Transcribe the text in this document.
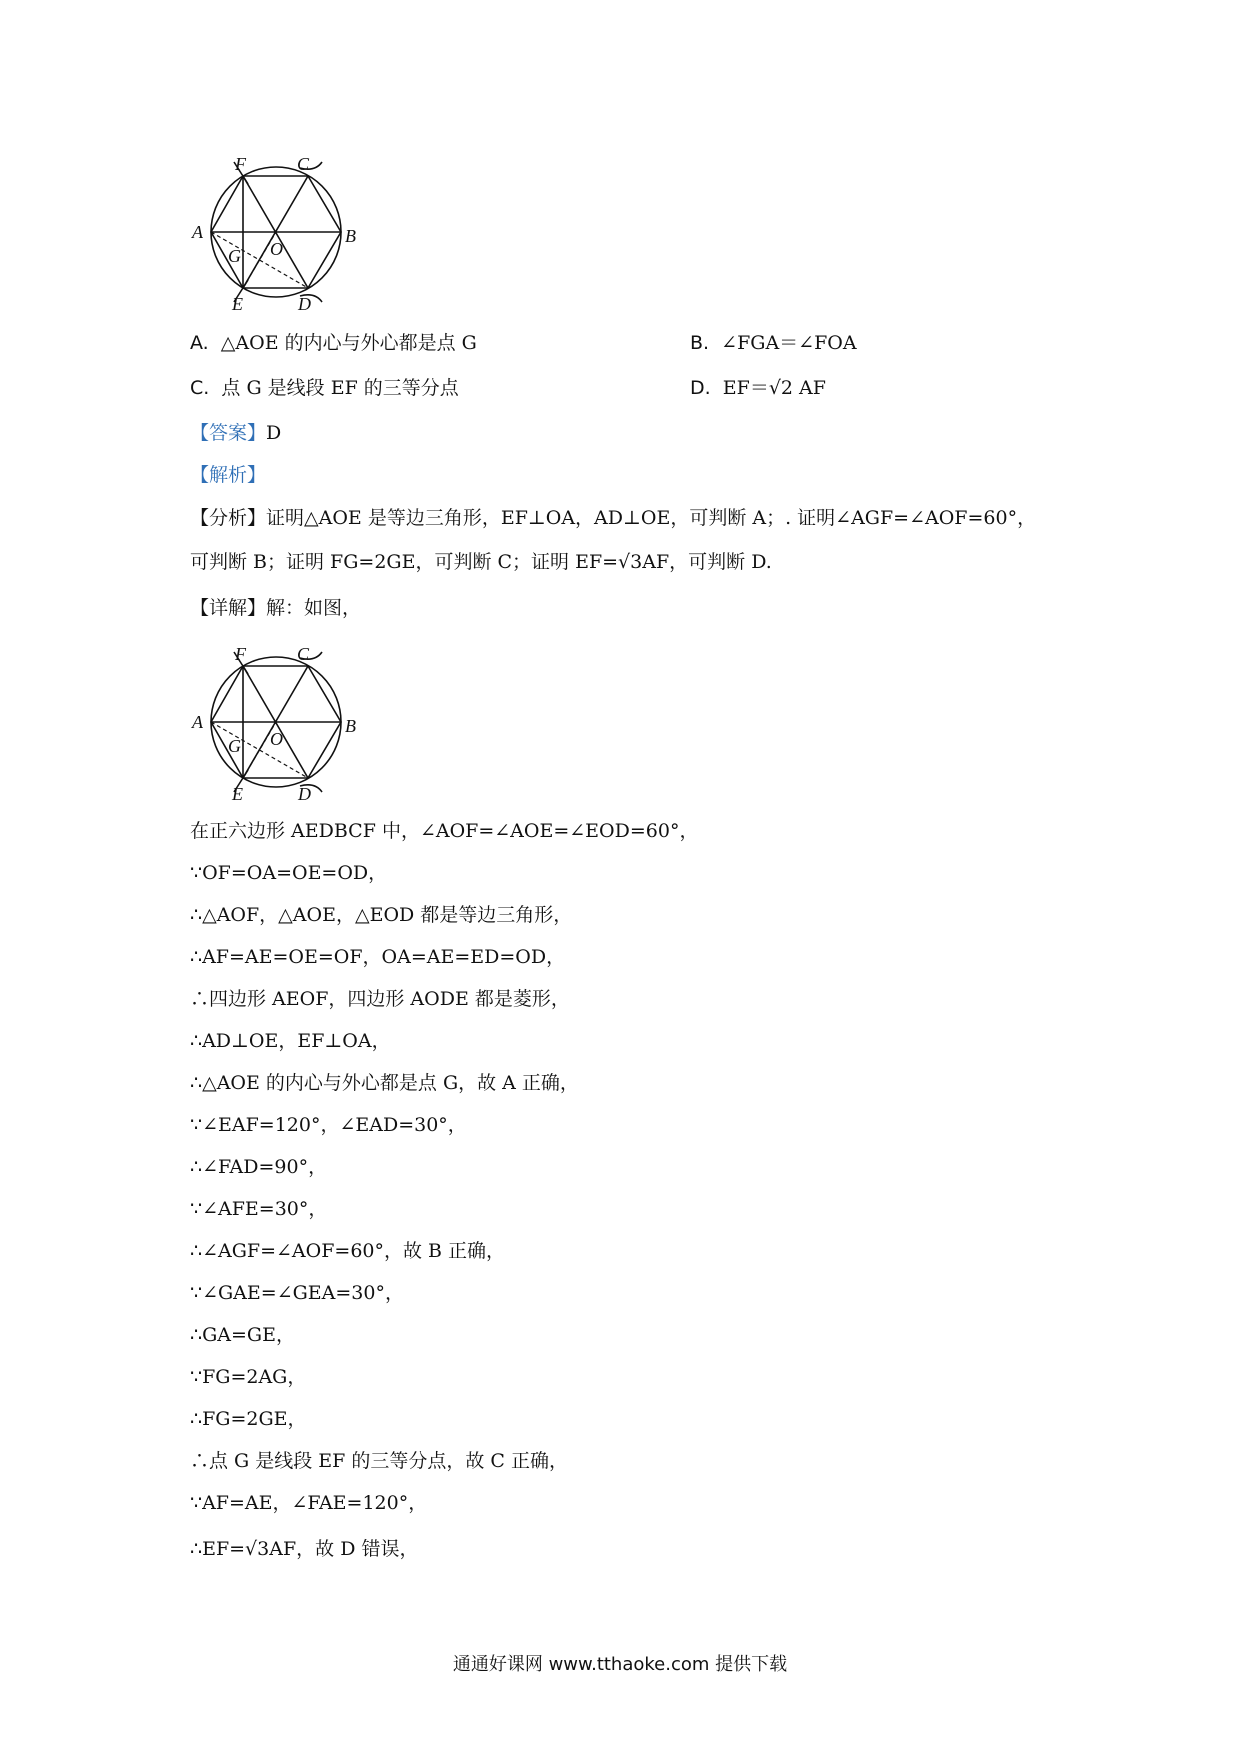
F	C
A	B
O
G
E	D
A. △AOE 的内心与外心都是点 G	B. ∠FGA＝∠FOA
C. 点 G 是线段 EF 的三等分点	D. EF＝√2 AF
【答案】D
【解析】
【分析】证明△AOE 是等边三角形，EF⊥OA，AD⊥OE，可判断 A；. 证明∠AGF=∠AOF=60°，
可判断 B；证明 FG=2GE，可判断 C；证明 EF=√3AF，可判断 D.
【详解】解：如图，
F	C
A	B
O
G
E	D
在正六边形 AEDBCF 中，∠AOF=∠AOE=∠EOD=60°，
∵OF=OA=OE=OD，
∴△AOF，△AOE，△EOD 都是等边三角形，
∴AF=AE=OE=OF，OA=AE=ED=OD，
∴四边形 AEOF，四边形 AODE 都是菱形，
∴AD⊥OE，EF⊥OA，
∴△AOE 的内心与外心都是点 G，故 A 正确，
∵∠EAF=120°，∠EAD=30°，
∴∠FAD=90°，
∵∠AFE=30°，
∴∠AGF=∠AOF=60°，故 B 正确，
∵∠GAE=∠GEA=30°，
∴GA=GE，
∵FG=2AG，
∴FG=2GE，
∴点 G 是线段 EF 的三等分点，故 C 正确，
∵AF=AE，∠FAE=120°，
∴EF=√3AF，故 D 错误，
通通好课网 www.tthaoke.com 提供下载
